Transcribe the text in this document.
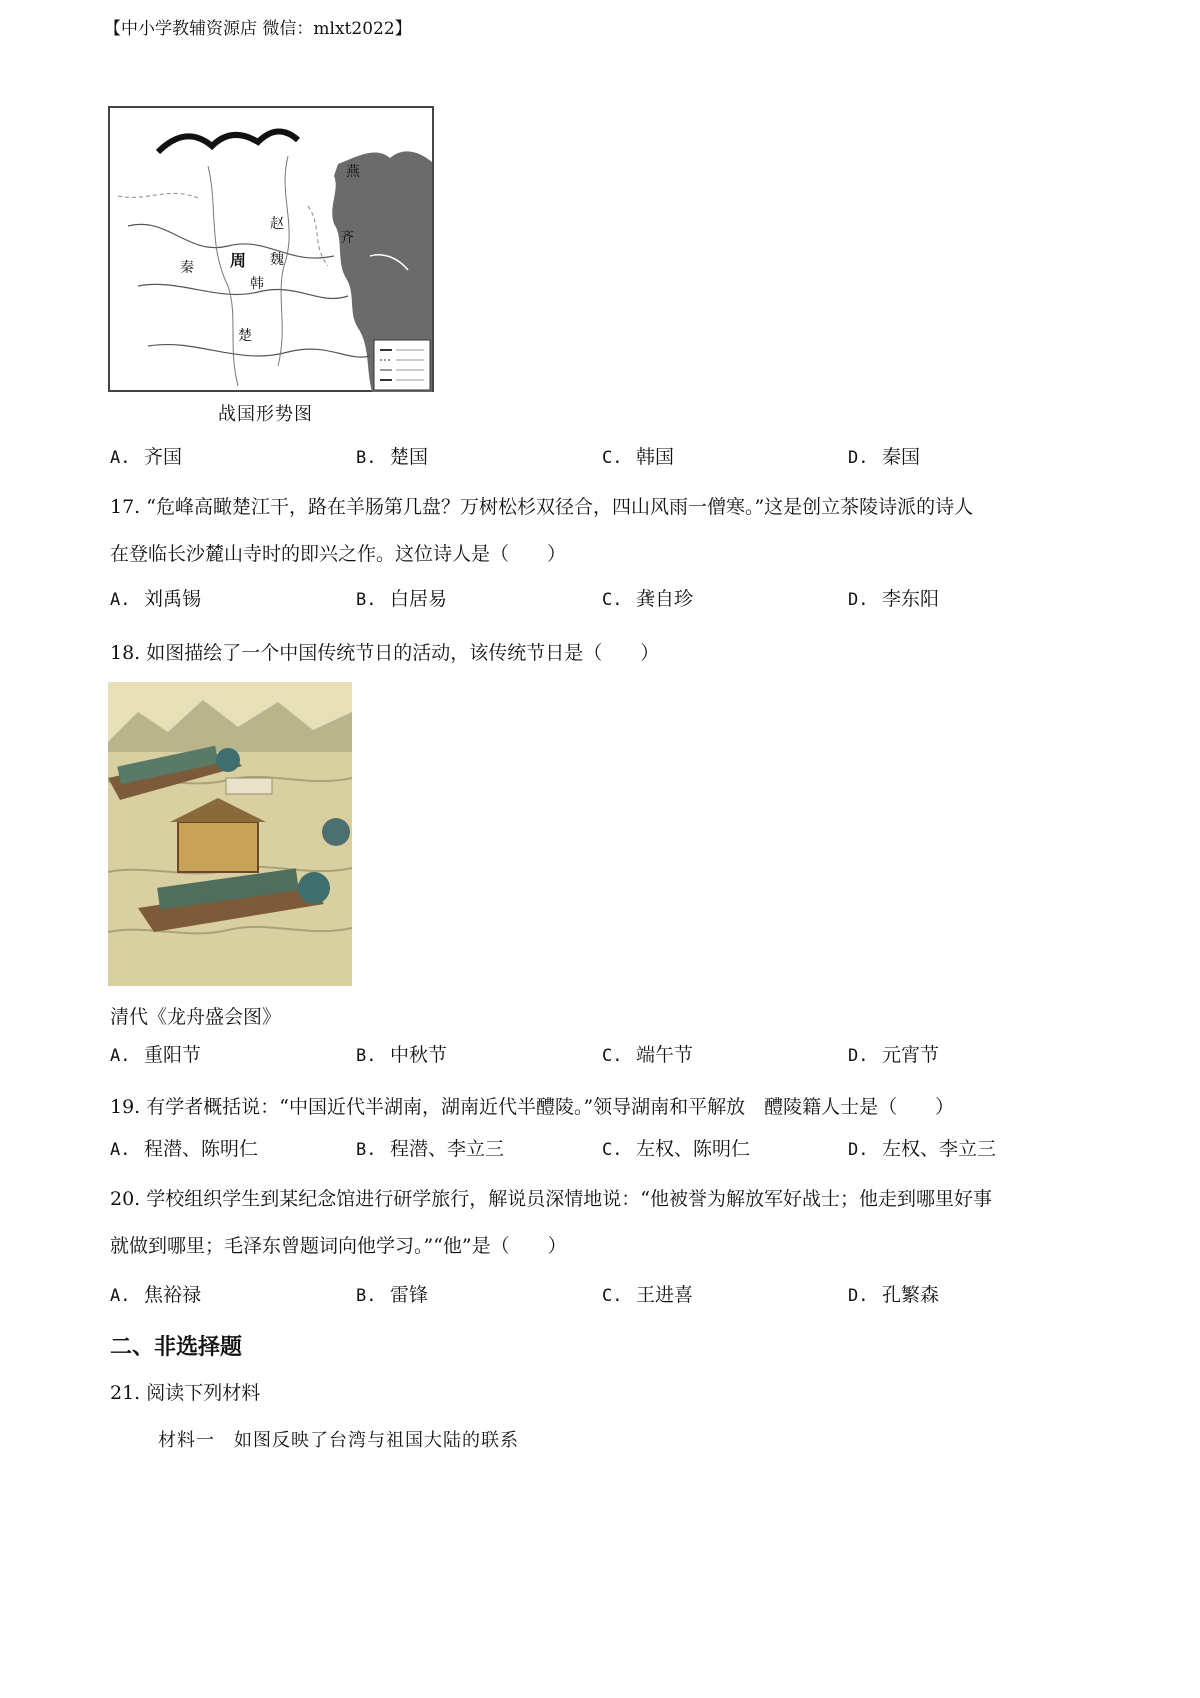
【中小学教辅资源店 微信：mlxt2022】
燕
赵
齐
周 魏
秦
韩
楚
战国形势图
A. 齐国	B. 楚国	C. 韩国	D. 秦国
17. “危峰高瞰楚江干，路在羊肠第几盘？万树松杉双径合，四山风雨一僧寒。”这是创立茶陵诗派的诗人
在登临长沙麓山寺时的即兴之作。这位诗人是（　　）
A. 刘禹锡	B. 白居易	C. 龚自珍	D. 李东阳
18. 如图描绘了一个中国传统节日的活动，该传统节日是（　　）
清代《龙舟盛会图》
A. 重阳节	B. 中秋节	C. 端午节	D. 元宵节
19. 有学者概括说：“中国近代半湖南，湖南近代半醴陵。”领导湖南和平解放　醴陵籍人士是（　　）
A. 程潜、陈明仁	B. 程潜、李立三	C. 左权、陈明仁	D. 左权、李立三
20. 学校组织学生到某纪念馆进行研学旅行，解说员深情地说：“他被誉为解放军好战士；他走到哪里好事
就做到哪里；毛泽东曾题词向他学习。”“他”是（　　）
A. 焦裕禄	B. 雷锋	C. 王进喜	D. 孔繁森
二、非选择题
21. 阅读下列材料
材料一　如图反映了台湾与祖国大陆的联系
